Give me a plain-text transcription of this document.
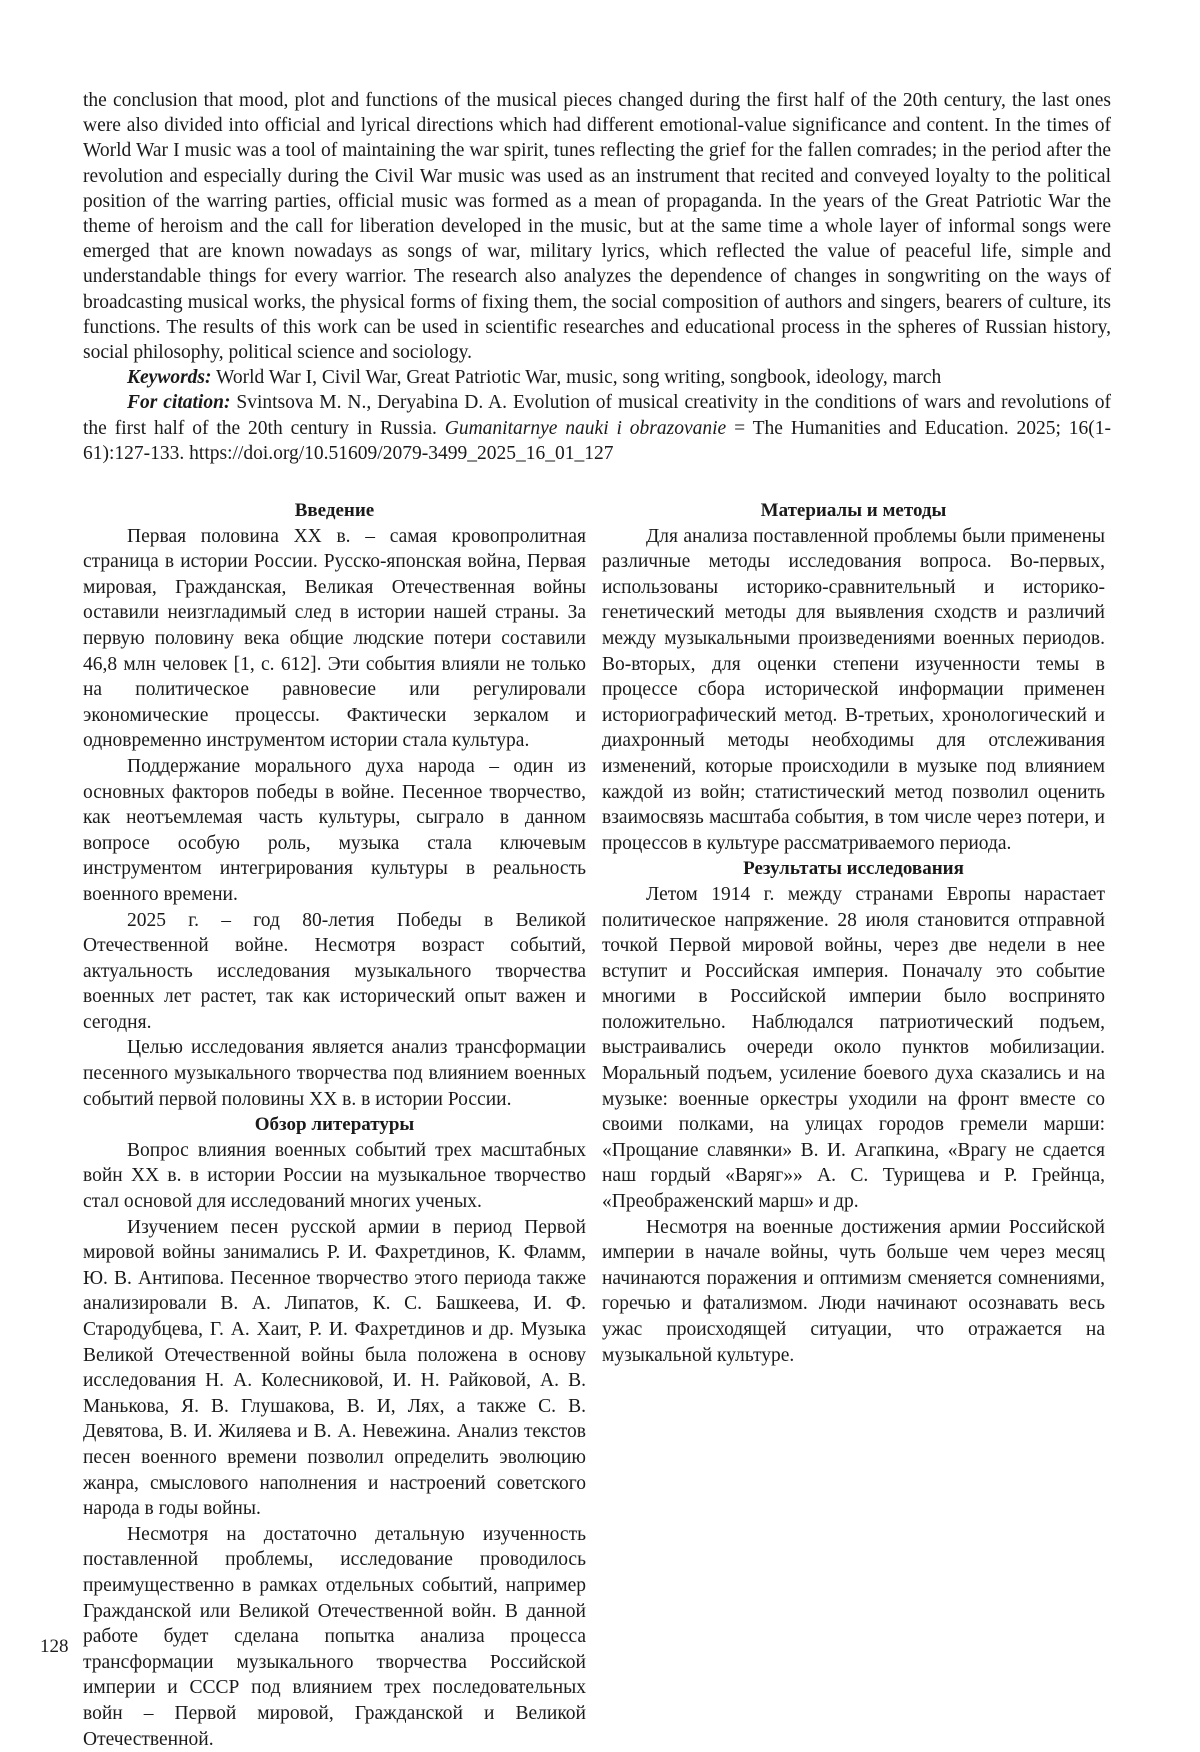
the conclusion that mood, plot and functions of the musical pieces changed during the first half of the 20th century, the last ones were also divided into official and lyrical directions which had different emotional-value significance and content. In the times of World War I music was a tool of maintaining the war spirit, tunes reflecting the grief for the fallen comrades; in the period after the revolution and especially during the Civil War music was used as an instrument that recited and conveyed loyalty to the political position of the warring parties, official music was formed as a mean of propaganda. In the years of the Great Patriotic War the theme of heroism and the call for liberation developed in the music, but at the same time a whole layer of informal songs were emerged that are known nowadays as songs of war, military lyrics, which reflected the value of peaceful life, simple and understandable things for every warrior. The research also analyzes the dependence of changes in songwriting on the ways of broadcasting musical works, the physical forms of fixing them, the social composition of authors and singers, bearers of culture, its functions. The results of this work can be used in scientific researches and educational process in the spheres of Russian history, social philosophy, political science and sociology.

Keywords: World War I, Civil War, Great Patriotic War, music, song writing, songbook, ideology, march

For citation: Svintsova M. N., Deryabina D. A. Evolution of musical creativity in the conditions of wars and revolutions of the first half of the 20th century in Russia. Gumanitarnye nauki i obrazovanie = The Humanities and Education. 2025; 16(1-61):127-133. https://doi.org/10.51609/2079-3499_2025_16_01_127

Введение

Первая половина ХХ в. – самая кровопролитная страница в истории России. Русско-японская война, Первая мировая, Гражданская, Великая Отечественная войны оставили неизгладимый след в истории нашей страны. За первую половину века общие людские потери составили 46,8 млн человек [1, с. 612]. Эти события влияли не только на политическое равновесие или регулировали экономические процессы. Фактически зеркалом и одновременно инструментом истории стала культура.

Поддержание морального духа народа – один из основных факторов победы в войне. Песенное творчество, как неотъемлемая часть культуры, сыграло в данном вопросе особую роль, музыка стала ключевым инструментом интегрирования культуры в реальность военного времени.

2025 г. – год 80-летия Победы в Великой Отечественной войне. Несмотря возраст событий, актуальность исследования музыкального творчества военных лет растет, так как исторический опыт важен и сегодня.

Целью исследования является анализ трансформации песенного музыкального творчества под влиянием военных событий первой половины ХХ в. в истории России.

Обзор литературы

Вопрос влияния военных событий трех масштабных войн ХХ в. в истории России на музыкальное творчество стал основой для исследований многих ученых.

Изучением песен русской армии в период Первой мировой войны занимались Р. И. Фахретдинов, К. Фламм, Ю. В. Антипова. Песенное творчество этого периода также анализировали В. А. Липатов, К. С. Башкеева, И. Ф. Стародубцева, Г. А. Хаит, Р. И. Фахретдинов и др. Музыка Великой Отечественной войны была положена в основу исследования Н. А. Колесниковой, И. Н. Райковой, А. В. Манькова, Я. В. Глушакова, В. И, Лях, а также С. В. Девятова, В. И. Жиляева и В. А. Невежина. Анализ текстов песен военного времени позволил определить эволюцию жанра, смыслового наполнения и настроений советского народа в годы войны.

Несмотря на достаточно детальную изученность поставленной проблемы, исследование проводилось преимущественно в рамках отдельных событий, например Гражданской или Великой Отечественной войн. В данной работе будет сделана попытка анализа процесса трансформации музыкального творчества Российской империи и СССР под влиянием трех последовательных войн – Первой мировой, Гражданской и Великой Отечественной.

Материалы и методы

Для анализа поставленной проблемы были применены различные методы исследования вопроса. Во-первых, использованы историко-сравнительный и историко-генетический методы для выявления сходств и различий между музыкальными произведениями военных периодов. Во-вторых, для оценки степени изученности темы в процессе сбора исторической информации применен историографический метод. В-третьих, хронологический и диахронный методы необходимы для отслеживания изменений, которые происходили в музыке под влиянием каждой из войн; статистический метод позволил оценить взаимосвязь масштаба события, в том числе через потери, и процессов в культуре рассматриваемого периода.

Результаты исследования

Летом 1914 г. между странами Европы нарастает политическое напряжение. 28 июля становится отправной точкой Первой мировой войны, через две недели в нее вступит и Российская империя. Поначалу это событие многими в Российской империи было воспринято положительно. Наблюдался патриотический подъем, выстраивались очереди около пунктов мобилизации. Моральный подъем, усиление боевого духа сказались и на музыке: военные оркестры уходили на фронт вместе со своими полками, на улицах городов гремели марши: «Прощание славянки» В. И. Агапкина, «Врагу не сдается наш гордый «Варяг»» А. С. Турищева и Р. Грейнца, «Преображенский марш» и др.

Несмотря на военные достижения армии Российской империи в начале войны, чуть больше чем через месяц начинаются поражения и оптимизм сменяется сомнениями, горечью и фатализмом. Люди начинают осознавать весь ужас происходящей ситуации, что отражается на музыкальной культуре.

128
